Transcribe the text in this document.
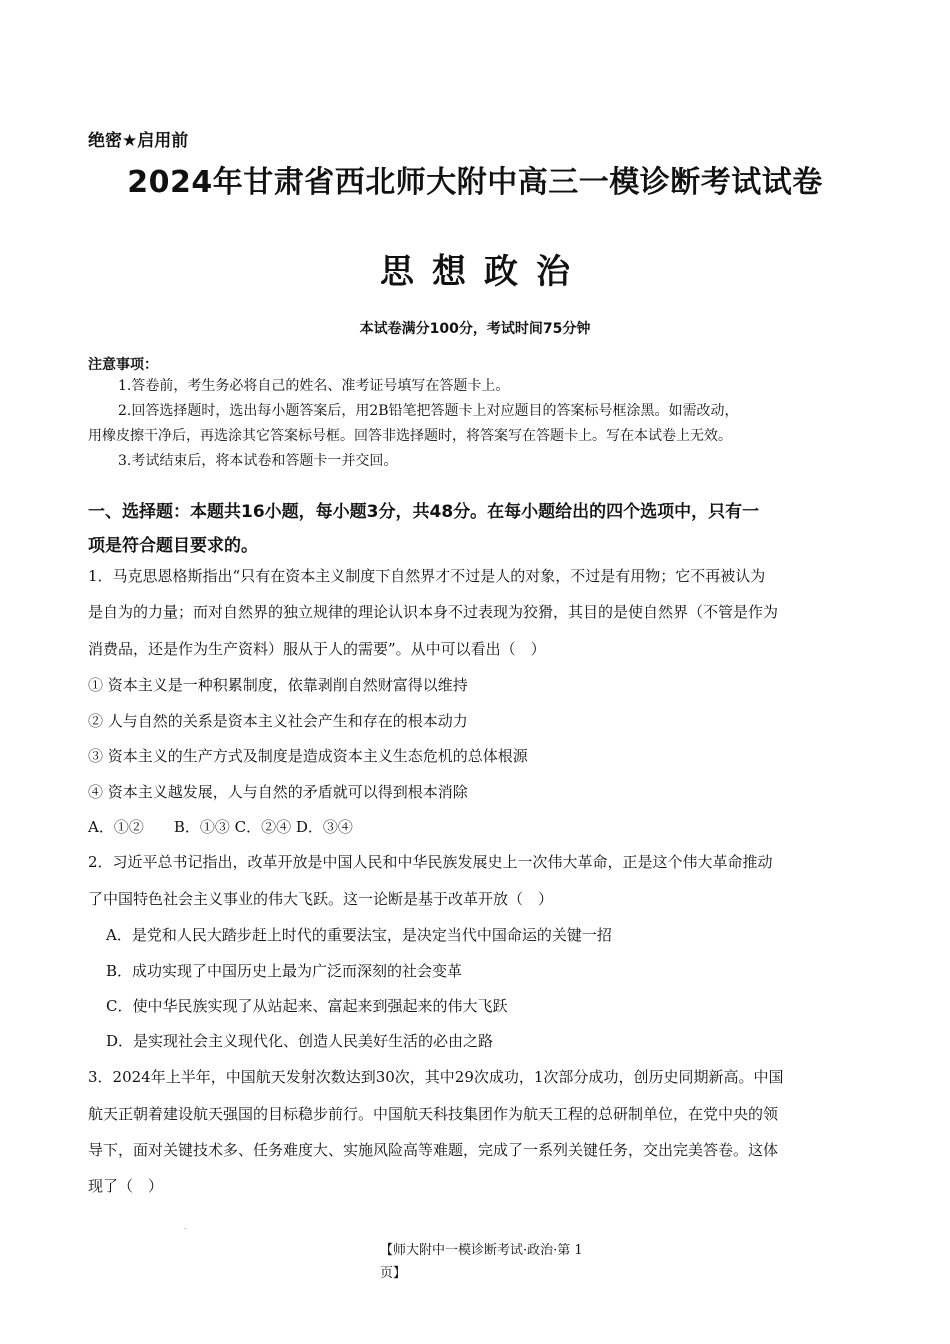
绝密★启用前
2024年甘肃省西北师大附中高三一模诊断考试试卷
思想政治
本试卷满分100分，考试时间75分钟
注意事项：
1.答卷前，考生务必将自己的姓名、准考证号填写在答题卡上。
2.回答选择题时，选出每小题答案后，用2B铅笔把答题卡上对应题目的答案标号框涂黑。如需改动，
用橡皮擦干净后，再选涂其它答案标号框。回答非选择题时，将答案写在答题卡上。写在本试卷上无效。
3.考试结束后，将本试卷和答题卡一并交回。
一、选择题：本题共16小题，每小题3分，共48分。在每小题给出的四个选项中，只有一
项是符合题目要求的。
1．马克思恩格斯指出“只有在资本主义制度下自然界才不过是人的对象，不过是有用物；它不再被认为
是自为的力量；而对自然界的独立规律的理论认识本身不过表现为狡猾，其目的是使自然界（不管是作为
消费品，还是作为生产资料）服从于人的需要”。从中可以看出（　）
① 资本主义是一种积累制度，依靠剥削自然财富得以维持
② 人与自然的关系是资本主义社会产生和存在的根本动力
③ 资本主义的生产方式及制度是造成资本主义生态危机的总体根源
④ 资本主义越发展，人与自然的矛盾就可以得到根本消除
A．①②　　B．①③ C．②④ D．③④
2．习近平总书记指出，改革开放是中国人民和中华民族发展史上一次伟大革命，正是这个伟大革命推动
了中国特色社会主义事业的伟大飞跃。这一论断是基于改革开放（　）
A．是党和人民大踏步赶上时代的重要法宝，是决定当代中国命运的关键一招
B．成功实现了中国历史上最为广泛而深刻的社会变革
C．使中华民族实现了从站起来、富起来到强起来的伟大飞跃
D．是实现社会主义现代化、创造人民美好生活的必由之路
3．2024年上半年，中国航天发射次数达到30次，其中29次成功，1次部分成功，创历史同期新高。中国
航天正朝着建设航天强国的目标稳步前行。中国航天科技集团作为航天工程的总研制单位，在党中央的领
导下，面对关键技术多、任务难度大、实施风险高等难题，完成了一系列关键任务，交出完美答卷。这体
现了（　）
.
【师大附中一模诊断考试·政治·第 1
页】
